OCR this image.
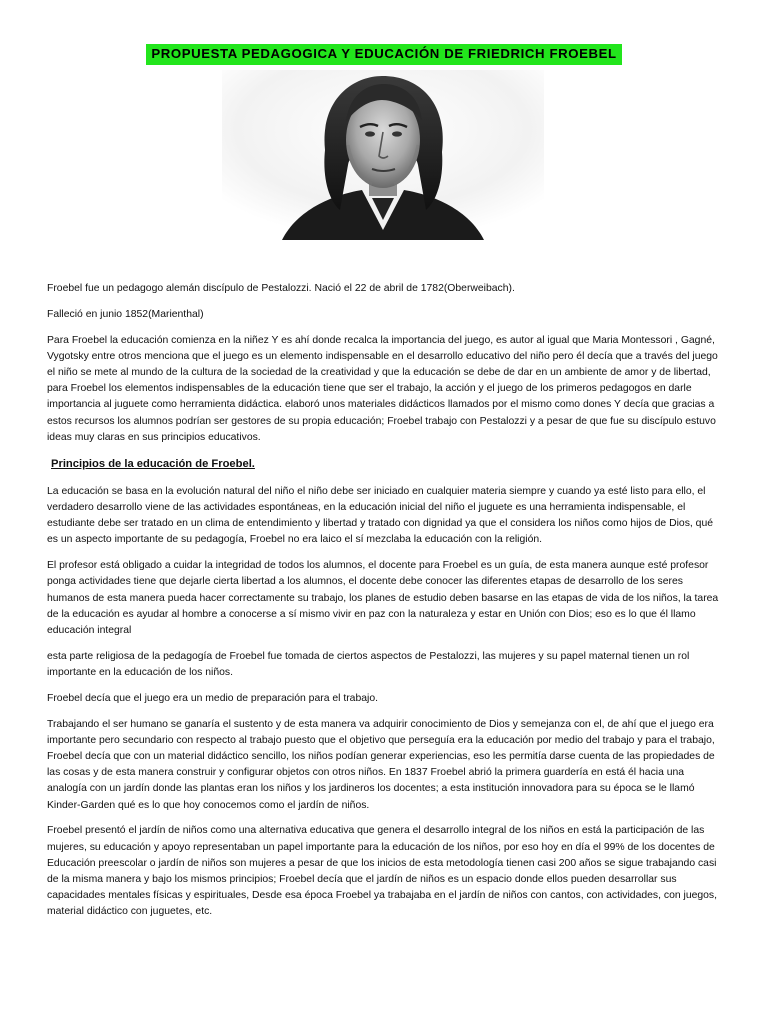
PROPUESTA PEDAGOGICA Y EDUCACIÓN DE FRIEDRICH FROEBEL

Froebel fue un pedagogo alemán discípulo de Pestalozzi. Nació el 22 de abril de 1782(Oberweibach).

Falleció en junio 1852(Marienthal)

Para Froebel la educación comienza en la niñez Y es ahí donde recalca la importancia del juego, es autor al igual que Maria Montessori , Gagné, Vygotsky entre otros menciona que el juego es un elemento indispensable en el desarrollo educativo del niño pero él decía que a través del juego el niño se mete al mundo de la cultura de la sociedad de la creatividad y que la educación se debe de dar en un ambiente de amor y de libertad, para Froebel los elementos indispensables de la educación tiene que ser el trabajo, la acción y el juego de los primeros pedagogos en darle importancia al juguete como herramienta didáctica. elaboró unos materiales didácticos llamados por el mismo como dones Y decía que gracias a estos recursos los alumnos podrían ser gestores de su propia educación; Froebel trabajo con Pestalozzi y a pesar de que fue su discípulo estuvo ideas muy claras en sus principios educativos.

Principios de la educación de Froebel.

La educación se basa en la evolución natural del niño el niño debe ser iniciado en cualquier materia siempre y cuando ya esté listo para ello, el verdadero desarrollo viene de las actividades espontáneas, en la educación inicial del niño el juguete es una herramienta indispensable, el estudiante debe ser tratado en un clima de entendimiento y libertad y tratado con dignidad ya que el considera los niños como hijos de Dios, qué es un aspecto importante de su pedagogía, Froebel no era laico el sí mezclaba la educación con la religión.

El profesor está obligado a cuidar la integridad de todos los alumnos, el docente para Froebel es un guía, de esta manera aunque esté profesor ponga actividades tiene que dejarle cierta libertad a los alumnos, el docente debe conocer las diferentes etapas de desarrollo de los seres humanos de esta manera pueda hacer correctamente su trabajo, los planes de estudio deben basarse en las etapas de vida de los niños, la tarea de la educación es ayudar al hombre a conocerse a sí mismo vivir en paz con la naturaleza y estar en Unión con Dios; eso es lo que él llamo educación integral

esta parte religiosa de la pedagogía de Froebel fue tomada de ciertos aspectos de Pestalozzi, las mujeres y su papel maternal tienen un rol importante en la educación de los niños.

Froebel decía que el juego era un medio de preparación para el trabajo.

Trabajando el ser humano se ganaría el sustento y de esta manera va adquirir conocimiento de Dios y semejanza con el, de ahí que el juego era importante pero secundario con respecto al trabajo puesto que el objetivo que perseguía era la educación por medio del trabajo y para el trabajo, Froebel decía que con un material didáctico sencillo, los niños podían generar experiencias, eso les permitía darse cuenta de las propiedades de las cosas y de esta manera construir y configurar objetos con otros niños. En 1837 Froebel abrió la primera guardería en está él hacia una analogía con un jardín donde las plantas eran los niños y los jardineros los docentes; a esta institución innovadora para su época se le llamó Kinder-Garden qué es lo que hoy conocemos como el jardín de niños.

Froebel presentó el jardín de niños como una alternativa educativa que genera el desarrollo integral de los niños en está la participación de las mujeres, su educación y apoyo representaban un papel importante para la educación de los niños, por eso hoy en día el 99% de los docentes de Educación preescolar o jardín de niños son mujeres a pesar de que los inicios de esta metodología tienen casi 200 años se sigue trabajando casi de la misma manera y bajo los mismos principios; Froebel decía que el jardín de niños es un espacio donde ellos pueden desarrollar sus capacidades mentales físicas y espirituales, Desde esa época Froebel ya trabajaba en el jardín de niños con cantos, con actividades, con juegos, material didáctico con juguetes, etc.
